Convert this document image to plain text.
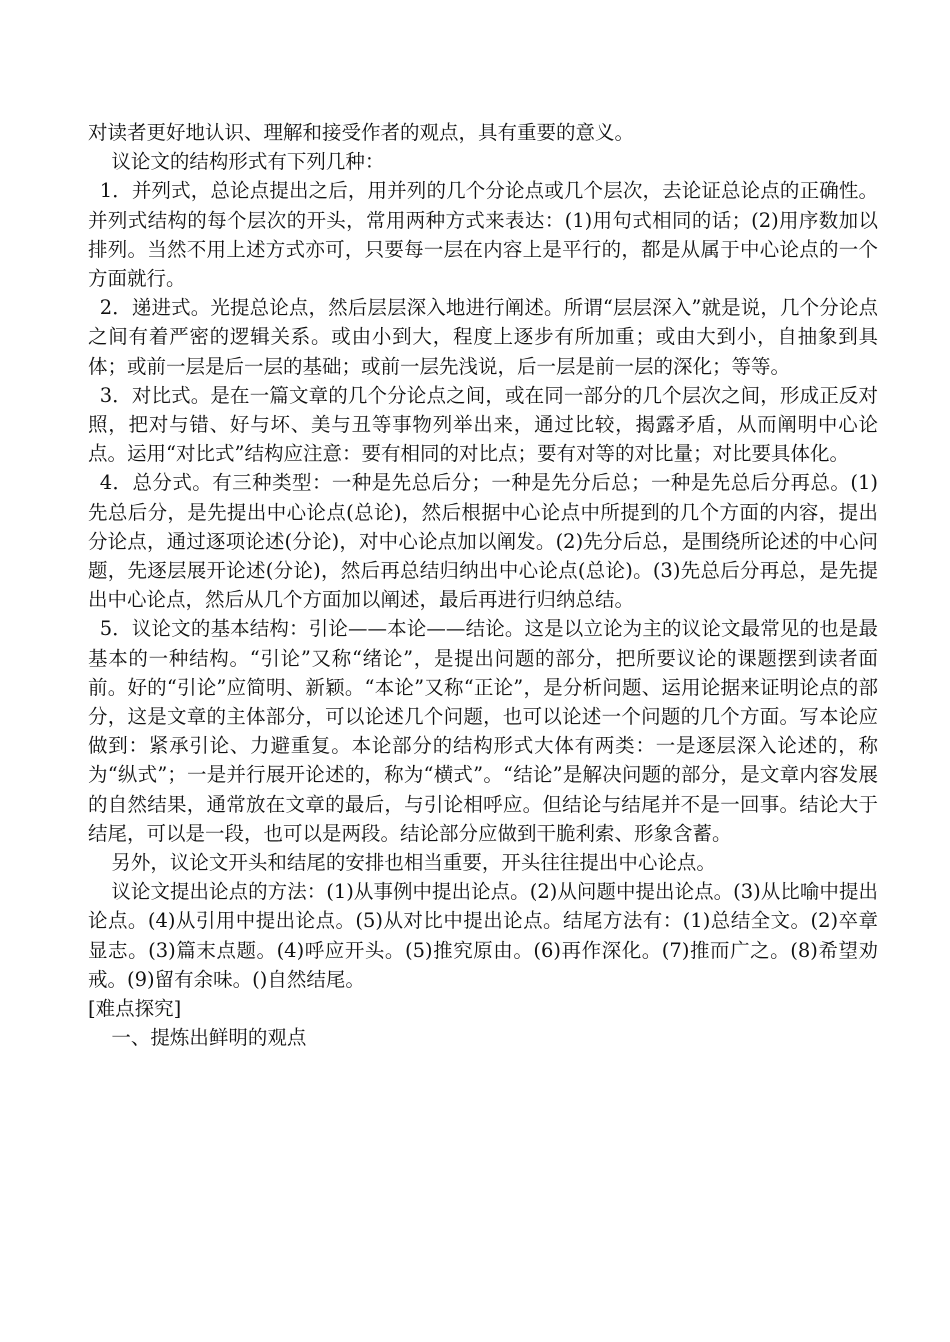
对读者更好地认识、理解和接受作者的观点，具有重要的意义。

议论文的结构形式有下列几种：

1．并列式，总论点提出之后，用并列的几个分论点或几个层次，去论证总论点的正确性。并列式结构的每个层次的开头，常用两种方式来表达：(1)用句式相同的话；(2)用序数加以排列。当然不用上述方式亦可，只要每一层在内容上是平行的，都是从属于中心论点的一个方面就行。

2．递进式。光提总论点，然后层层深入地进行阐述。所谓“层层深入”就是说，几个分论点之间有着严密的逻辑关系。或由小到大，程度上逐步有所加重；或由大到小，自抽象到具体；或前一层是后一层的基础；或前一层先浅说，后一层是前一层的深化；等等。

3．对比式。是在一篇文章的几个分论点之间，或在同一部分的几个层次之间，形成正反对照，把对与错、好与坏、美与丑等事物列举出来，通过比较，揭露矛盾，从而阐明中心论点。运用“对比式”结构应注意：要有相同的对比点；要有对等的对比量；对比要具体化。

4．总分式。有三种类型：一种是先总后分；一种是先分后总；一种是先总后分再总。(1)先总后分，是先提出中心论点(总论)，然后根据中心论点中所提到的几个方面的内容，提出分论点，通过逐项论述(分论)，对中心论点加以阐发。(2)先分后总，是围绕所论述的中心问题，先逐层展开论述(分论)，然后再总结归纳出中心论点(总论)。(3)先总后分再总，是先提出中心论点，然后从几个方面加以阐述，最后再进行归纳总结。

5．议论文的基本结构：引论——本论——结论。这是以立论为主的议论文最常见的也是最基本的一种结构。“引论”又称“绪论”，是提出问题的部分，把所要议论的课题摆到读者面前。好的“引论”应简明、新颖。“本论”又称“正论”，是分析问题、运用论据来证明论点的部分，这是文章的主体部分，可以论述几个问题，也可以论述一个问题的几个方面。写本论应做到：紧承引论、力避重复。本论部分的结构形式大体有两类：一是逐层深入论述的，称为“纵式”；一是并行展开论述的，称为“横式”。“结论”是解决问题的部分，是文章内容发展的自然结果，通常放在文章的最后，与引论相呼应。但结论与结尾并不是一回事。结论大于结尾，可以是一段，也可以是两段。结论部分应做到干脆利索、形象含蓄。

另外，议论文开头和结尾的安排也相当重要，开头往往提出中心论点。

议论文提出论点的方法：(1)从事例中提出论点。(2)从问题中提出论点。(3)从比喻中提出论点。(4)从引用中提出论点。(5)从对比中提出论点。结尾方法有：(1)总结全文。(2)卒章显志。(3)篇末点题。(4)呼应开头。(5)推究原由。(6)再作深化。(7)推而广之。(8)希望劝戒。(9)留有余味。()自然结尾。

[难点探究]

一、提炼出鲜明的观点
